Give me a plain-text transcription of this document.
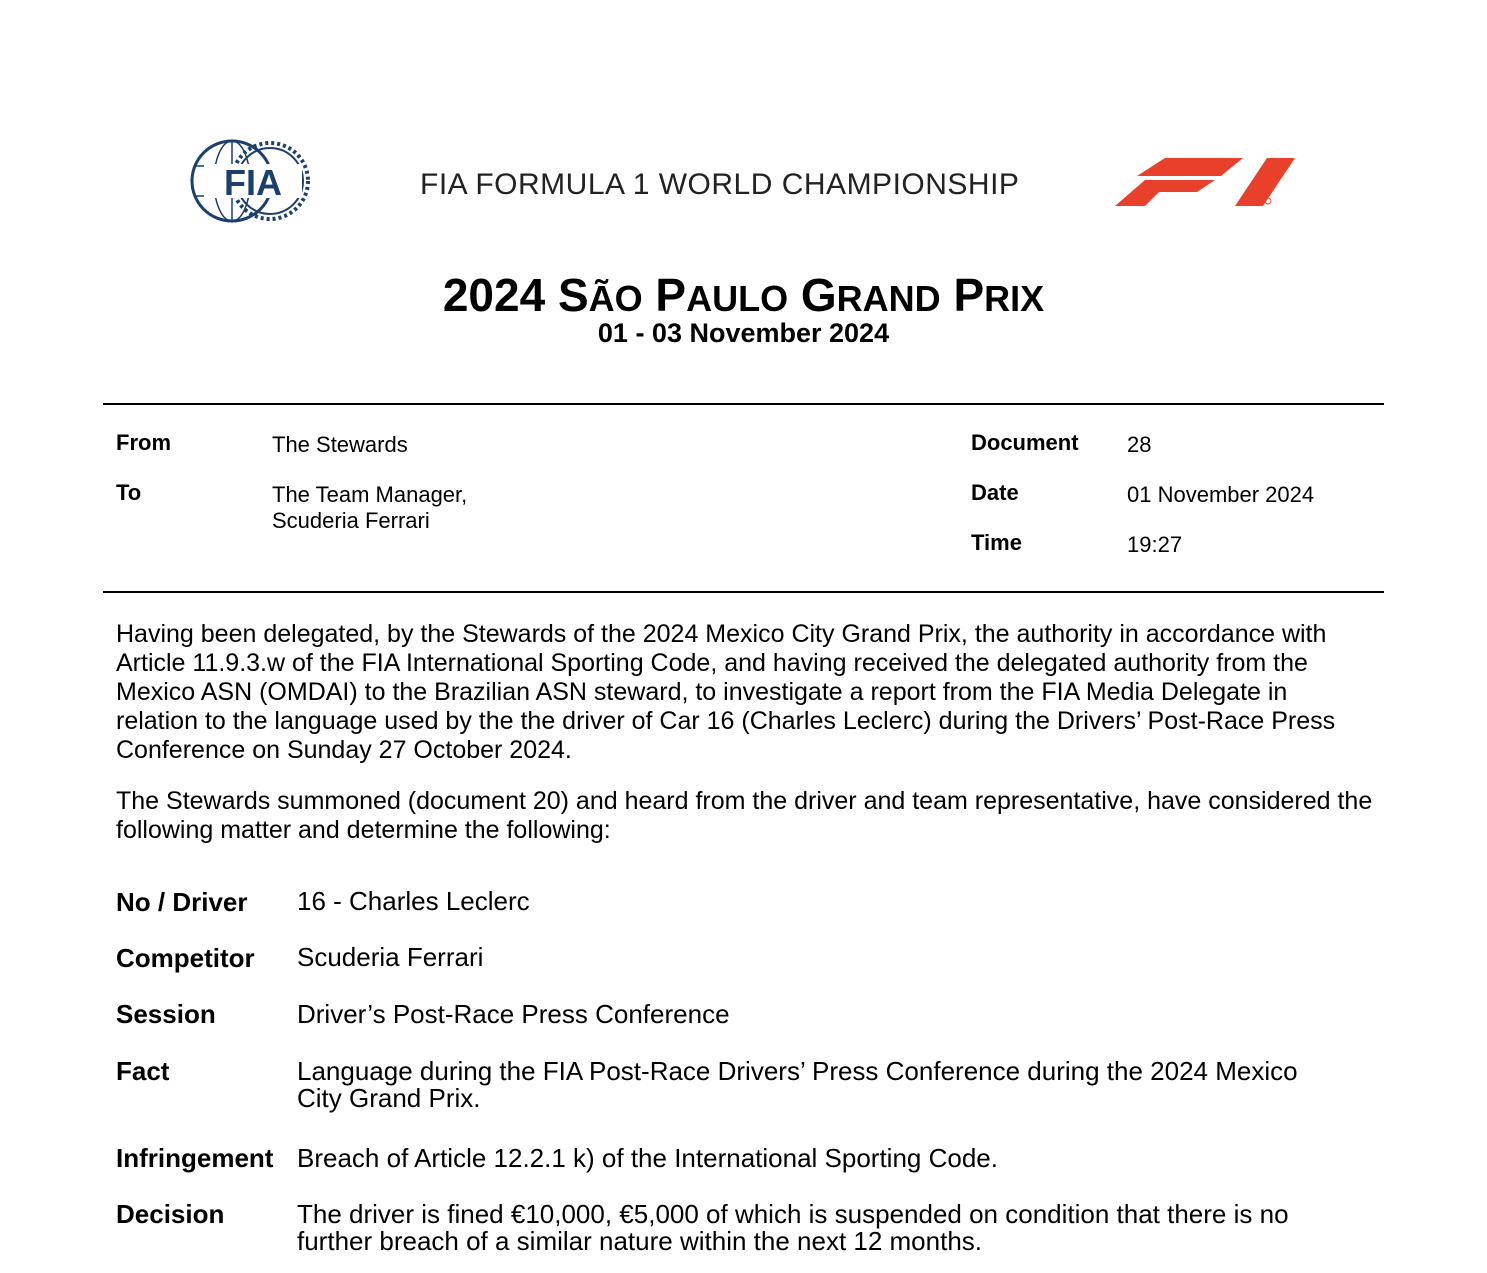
FIA	FIA FORMULA 1 WORLD CHAMPIONSHIP
2024 SÃO PAULO GRAND PRIX
01 - 03 November 2024
From	The Stewards
To	The Team Manager,
Scuderia Ferrari
Document 28
Date	01 November 2024
Time	19:27
Having been delegated, by the Stewards of the 2024 Mexico City Grand Prix, the authority in accordance with Article 11.9.3.w of the FIA International Sporting Code, and having received the delegated authority from the Mexico ASN (OMDAI) to the Brazilian ASN steward, to investigate a report from the FIA Media Delegate in relation to the language used by the the driver of Car 16 (Charles Leclerc) during the Drivers’ Post-Race Press Conference on Sunday 27 October 2024.
The Stewards summoned (document 20) and heard from the driver and team representative, have considered the following matter and determine the following:
No / Driver 16 - Charles Leclerc
Competitor Scuderia Ferrari
Session	Driver’s Post-Race Press Conference
Fact	Language during the FIA Post-Race Drivers’ Press Conference during the 2024 Mexico City Grand Prix.
Infringement Breach of Article 12.2.1 k) of the International Sporting Code.
Decision	The driver is fined €10,000, €5,000 of which is suspended on condition that there is no further breach of a similar nature within the next 12 months.
